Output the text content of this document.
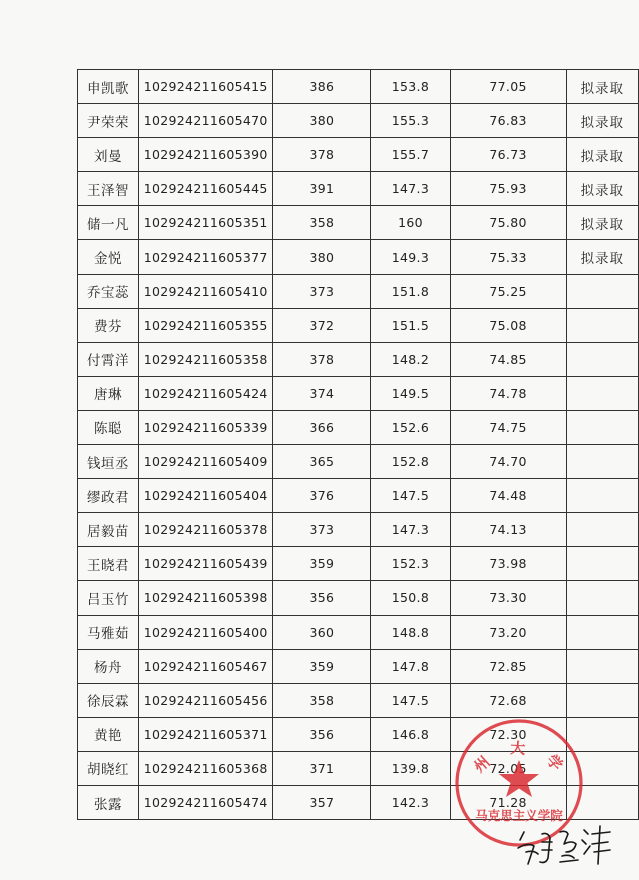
申凯歌	102924211605415	386	153.8	77.05	拟录取
尹荣荣	102924211605470	380	155.3	76.83	拟录取
刘曼	102924211605390	378	155.7	76.73	拟录取
王泽智	102924211605445	391	147.3	75.93	拟录取
储一凡	102924211605351	358	160	75.80	拟录取
金悦	102924211605377	380	149.3	75.33	拟录取
乔宝蕊	102924211605410	373	151.8	75.25	
费芬	102924211605355	372	151.5	75.08	
付霄洋	102924211605358	378	148.2	74.85	
唐琳	102924211605424	374	149.5	74.78	
陈聪	102924211605339	366	152.6	74.75	
钱垣丞	102924211605409	365	152.8	74.70	
缪政君	102924211605404	376	147.5	74.48	
居毅苗	102924211605378	373	147.3	74.13	
王晓君	102924211605439	359	152.3	73.98	
吕玉竹	102924211605398	356	150.8	73.30	
马雅茹	102924211605400	360	148.8	73.20	
杨舟	102924211605467	359	147.8	72.85	
徐辰霖	102924211605456	358	147.5	72.68	
黄艳	102924211605371	356	146.8	72.30	
胡晓红	102924211605368	371	139.8	72.05	
张露	102924211605474	357	142.3	71.28	
州 大 学
马克思主义学院
